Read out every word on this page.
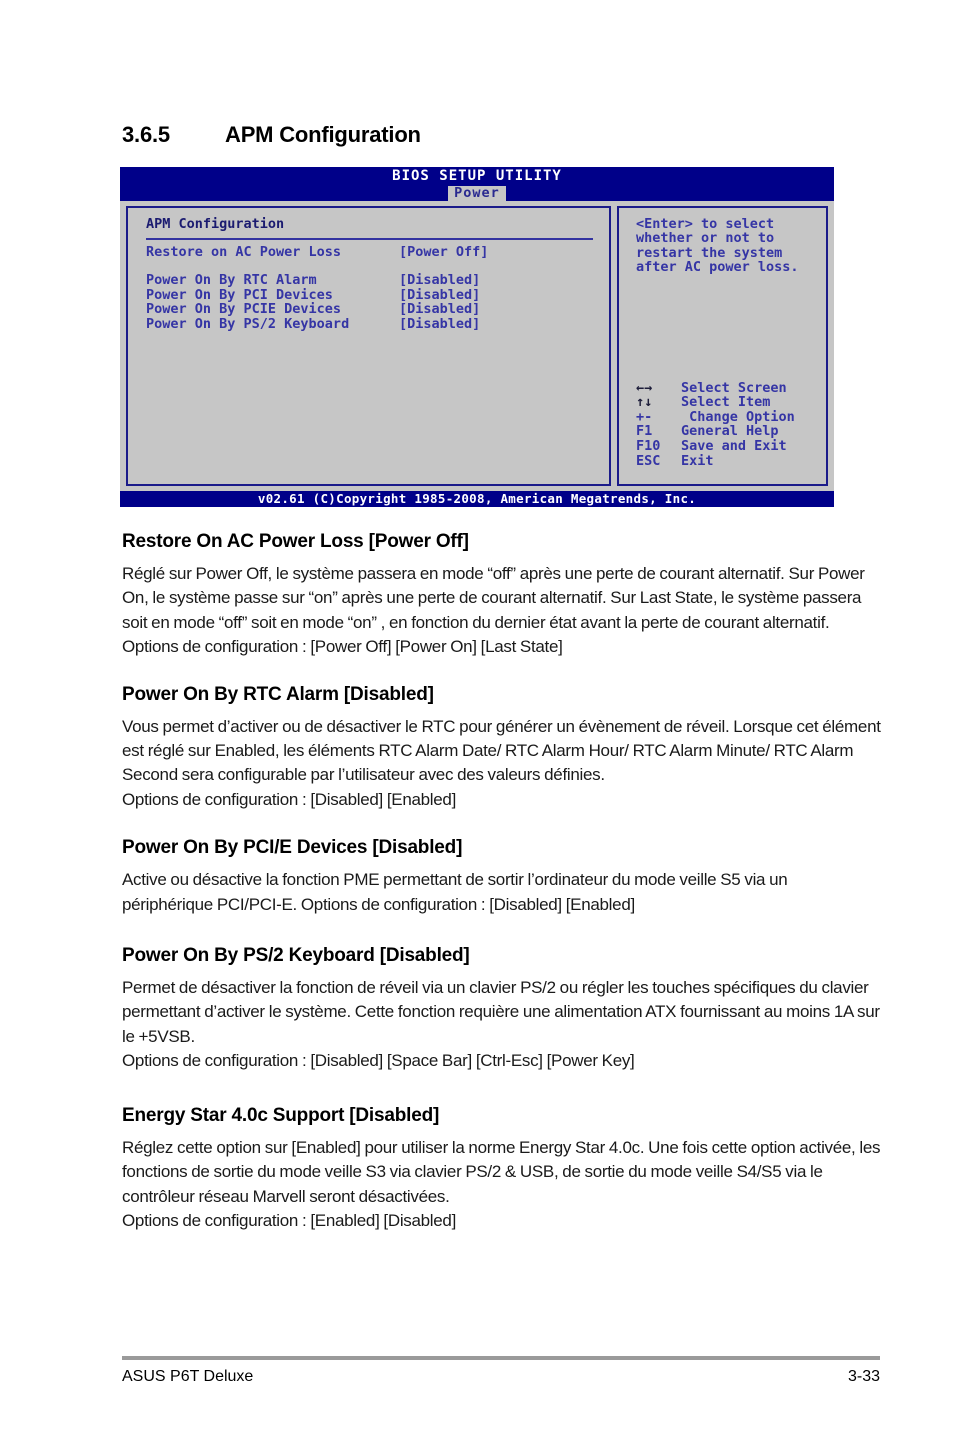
3.6.5	APM Configuration
BIOS SETUP UTILITY
Power
APM Configuration
Restore on AC Power Loss	[Power Off]
Power On By RTC Alarm	[Disabled]
Power On By PCI Devices	[Disabled]
Power On By PCIE Devices	[Disabled]
Power On By PS/2 Keyboard	[Disabled]
<Enter> to select
whether or not to
restart the system
after AC power loss.
←→ Select Screen
↑↓ Select Item
+- Change Option
F1 General Help
F10 Save and Exit
ESC Exit
v02.61 (C)Copyright 1985-2008, American Megatrends, Inc.
Restore On AC Power Loss [Power Off]

Réglé sur Power Off, le système passera en mode “off” après une perte de courant alternatif. Sur Power On, le système passe sur “on” après une perte de courant alternatif. Sur Last State, le système passera soit en mode “off” soit en mode “on” , en fonction du dernier état avant la perte de courant alternatif.

Options de configuration : [Power Off] [Power On] [Last State]

Power On By RTC Alarm [Disabled]

Vous permet d’activer ou de désactiver le RTC pour générer un évènement de réveil. Lorsque cet élément est réglé sur Enabled, les éléments RTC Alarm Date/ RTC Alarm Hour/ RTC Alarm Minute/ RTC Alarm Second sera configurable par l’utilisateur avec des valeurs définies.

Options de configuration : [Disabled] [Enabled]

Power On By PCI/E Devices [Disabled]

Active ou désactive la fonction PME permettant de sortir l’ordinateur du mode veille S5 via un périphérique PCI/PCI-E. Options de configuration : [Disabled] [Enabled]

Power On By PS/2 Keyboard [Disabled]

Permet de désactiver la fonction de réveil via un clavier PS/2 ou régler les touches spécifiques du clavier permettant d’activer le système. Cette fonction requière une alimentation ATX fournissant au moins 1A sur le +5VSB.

Options de configuration : [Disabled] [Space Bar] [Ctrl-Esc] [Power Key]

Energy Star 4.0c Support [Disabled]

Réglez cette option sur [Enabled] pour utiliser la norme Energy Star 4.0c. Une fois cette option activée, les fonctions de sortie du mode veille S3 via clavier PS/2 & USB, de sortie du mode veille S4/S5 via le contrôleur réseau Marvell seront désactivées.

Options de configuration : [Enabled] [Disabled]

ASUS P6T Deluxe	3-33
